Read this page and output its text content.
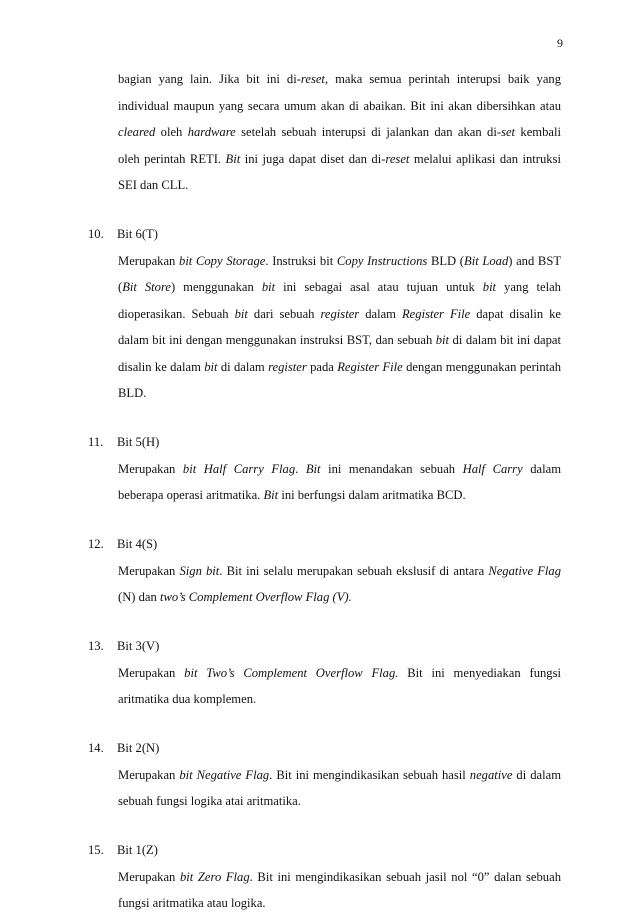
9

bagian yang lain. Jika bit ini di-reset, maka semua perintah interupsi baik yang individual maupun yang secara umum akan di abaikan. Bit ini akan dibersihkan atau cleared oleh hardware setelah sebuah interupsi di jalankan dan akan di-set kembali oleh perintah RETI. Bit ini juga dapat diset dan di-reset melalui aplikasi dan intruksi SEI dan CLL.

10. Bit 6(T)

Merupakan bit Copy Storage. Instruksi bit Copy Instructions BLD (Bit Load) and BST (Bit Store) menggunakan bit ini sebagai asal atau tujuan untuk bit yang telah dioperasikan. Sebuah bit dari sebuah register dalam Register File dapat disalin ke dalam bit ini dengan menggunakan instruksi BST, dan sebuah bit di dalam bit ini dapat disalin ke dalam bit di dalam register pada Register File dengan menggunakan perintah BLD.

11. Bit 5(H)

Merupakan bit Half Carry Flag. Bit ini menandakan sebuah Half Carry dalam beberapa operasi aritmatika. Bit ini berfungsi dalam aritmatika BCD.

12. Bit 4(S)

Merupakan Sign bit. Bit ini selalu merupakan sebuah ekslusif di antara Negative Flag (N) dan two’s Complement Overflow Flag (V).

13. Bit 3(V)

Merupakan bit Two’s Complement Overflow Flag. Bit ini menyediakan fungsi aritmatika dua komplemen.

14. Bit 2(N)

Merupakan bit Negative Flag. Bit ini mengindikasikan sebuah hasil negative di dalam sebuah fungsi logika atai aritmatika.

15. Bit 1(Z)

Merupakan bit Zero Flag. Bit ini mengindikasikan sebuah jasil nol “0” dalan sebuah fungsi aritmatika atau logika.
